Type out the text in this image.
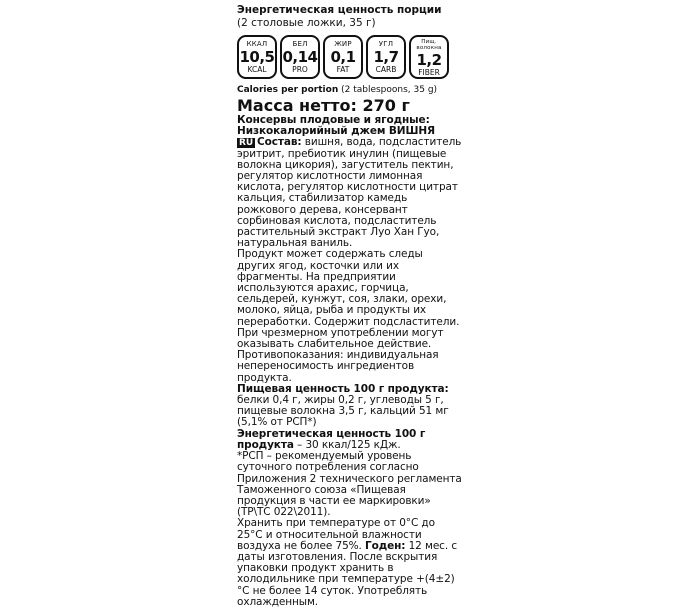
Энергетическая ценность порции
(2 столовые ложки, 35 г)
ККАЛ
10,5
KCAL
БЕЛ
0,14
PRO
ЖИР
0,1
FAT
УГЛ
1,7
CARB
Пищ. волокна
1,2
FIBER
Calories per portion (2 tablespoons, 35 g)
Масса нетто: 270 г

Консервы плодовые и ягодные:

Низкокалорийный джем ВИШНЯ

RU Состав: вишня, вода, подсластитель эритрит, пребиотик инулин (пищевые волокна цикория), загуститель пектин, регулятор кислотности лимонная кислота, регулятор кислотности цитрат кальция, стабилизатор камедь рожкового дерева, консервант сорбиновая кислота, подсластитель растительный экстракт Луо Хан Гуо, натуральная ваниль.

Продукт может содержать следы других ягод, косточки или их фрагменты. На предприятии используются арахис, горчица, сельдерей, кунжут, соя, злаки, орехи, молоко, яйца, рыба и продукты их переработки. Содержит подсластители. При чрезмерном употреблении могут оказывать слабительное действие. Противопоказания: индивидуальная непереносимость ингредиентов продукта.

Пищевая ценность 100 г продукта: белки 0,4 г, жиры 0,2 г, углеводы 5 г, пищевые волокна 3,5 г, кальций 51 мг (5,1% от РСП*)

Энергетическая ценность 100 г продукта – 30 ккал/125 кДж.

*РСП – рекомендуемый уровень суточного потребления согласно Приложения 2 технического регламента Таможенного союза «Пищевая продукция в части ее маркировки» (ТР\ТС 022\2011).

Хранить при температуре от 0°С до 25°С и относительной влажности воздуха не более 75%. Годен: 12 мес. с даты изготовления. После вскрытия упаковки продукт хранить в холодильнике при температуре +(4±2)°С не более 14 суток. Употреблять охлажденным.
